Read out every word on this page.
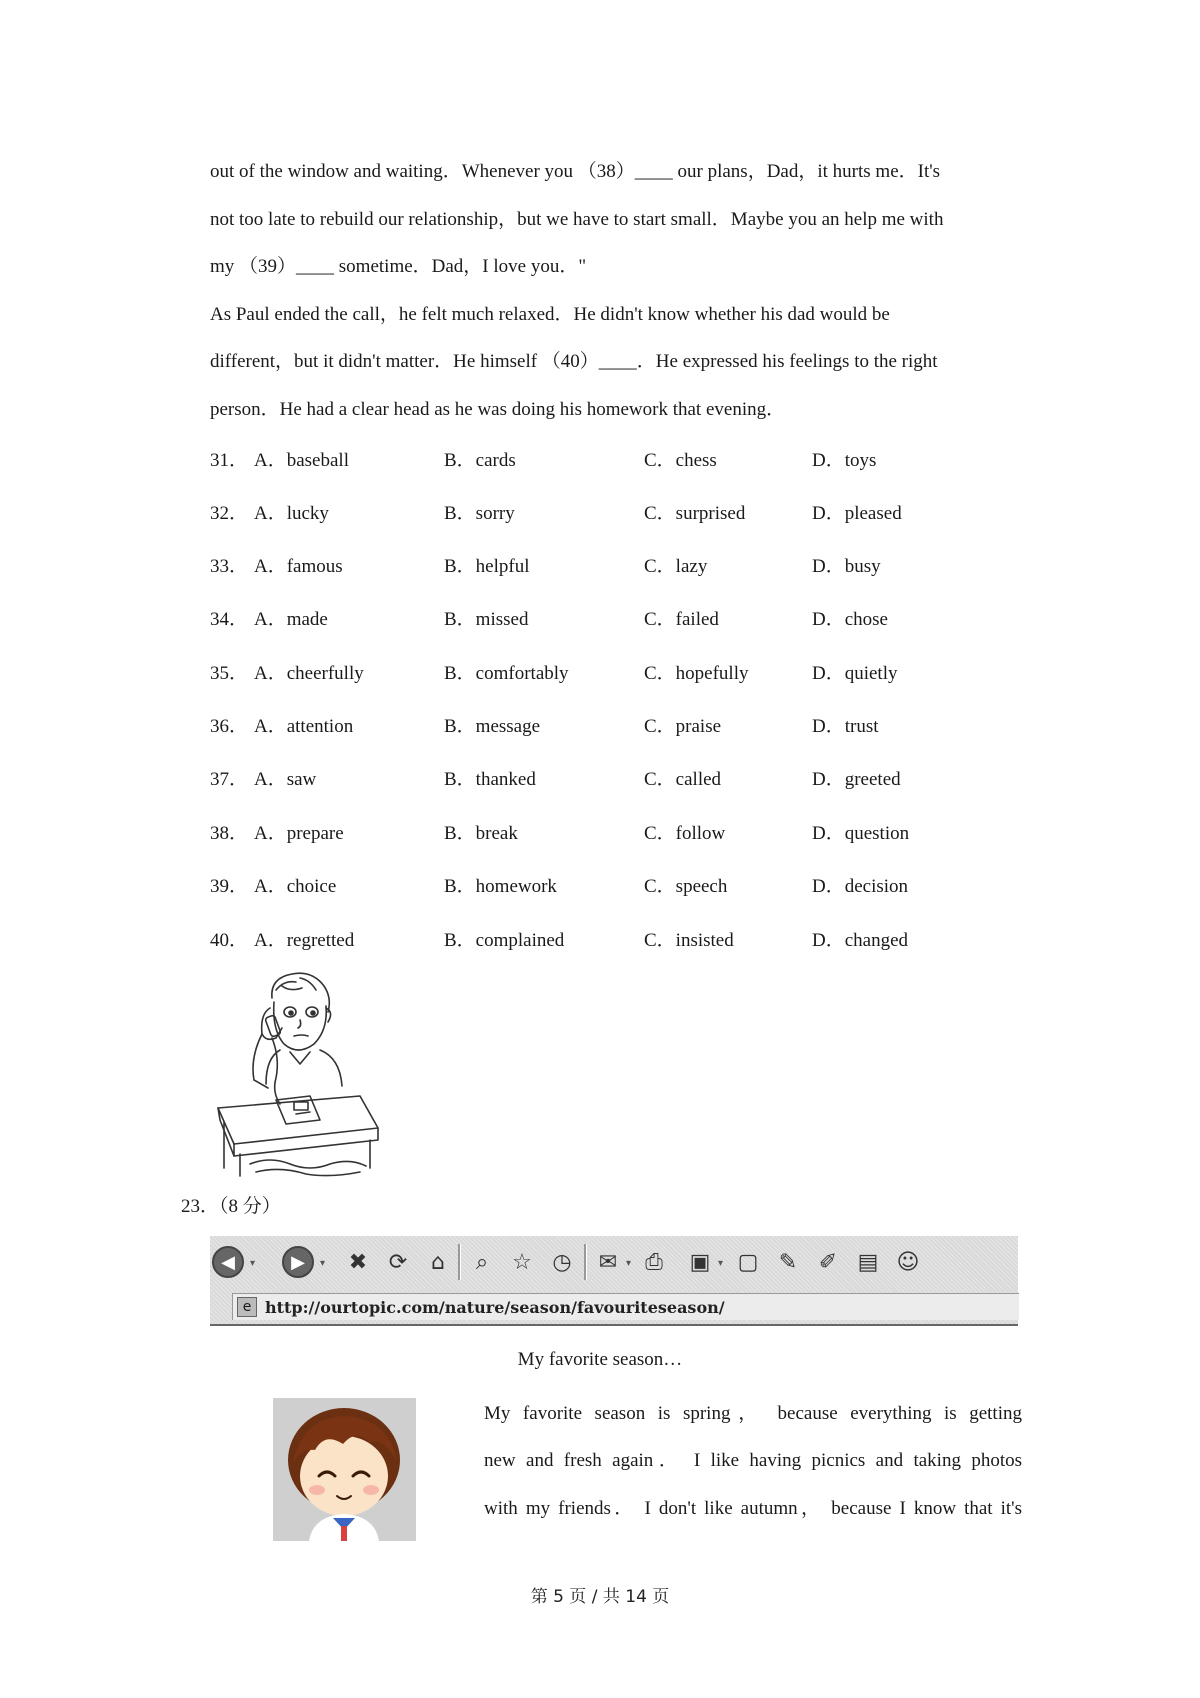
out of the window and waiting．Whenever you （38）____ our plans，Dad，it hurts me．It's

not too late to rebuild our relationship，but we have to start small．Maybe you an help me with

my （39）____ sometime．Dad，I love you．"

As Paul ended the call，he felt much relaxed．He didn't know whether his dad would be

different，but it didn't matter．He himself （40）____．He expressed his feelings to the right

person．He had a clear head as he was doing his homework that evening．

31． A．baseball	B．cards	C．chess	D．toys
32． A．lucky	B．sorry	C．surprised	D．pleased
33． A．famous	B．helpful	C．lazy	D．busy
34． A．made	B．missed	C．failed	D．chose
35． A．cheerfully	B．comfortably	C．hopefully	D．quietly
36． A．attention	B．message	C．praise	D．trust
37． A．saw	B．thanked	C．called	D．greeted
38． A．prepare	B．break	C．follow	D．question
39． A．choice	B．homework	C．speech	D．decision
40． A．regretted	B．complained	C．insisted	D．changed
23．（8 分）
◀	▾	▶	▾	✖ ⟳	⌂	⌕	☆ ◷	✉ ▾ ⎙	▣ ▾ ▢ ✎ ✐ ▤ ☺
e http://ourtopic.com/nature/season/favouriteseason/
My favorite season…

My favorite season is spring， because everything is getting

new and fresh again． I like having picnics and taking photos

with my friends． I don't like autumn， because I know that it's

第 5 页 / 共 14 页
